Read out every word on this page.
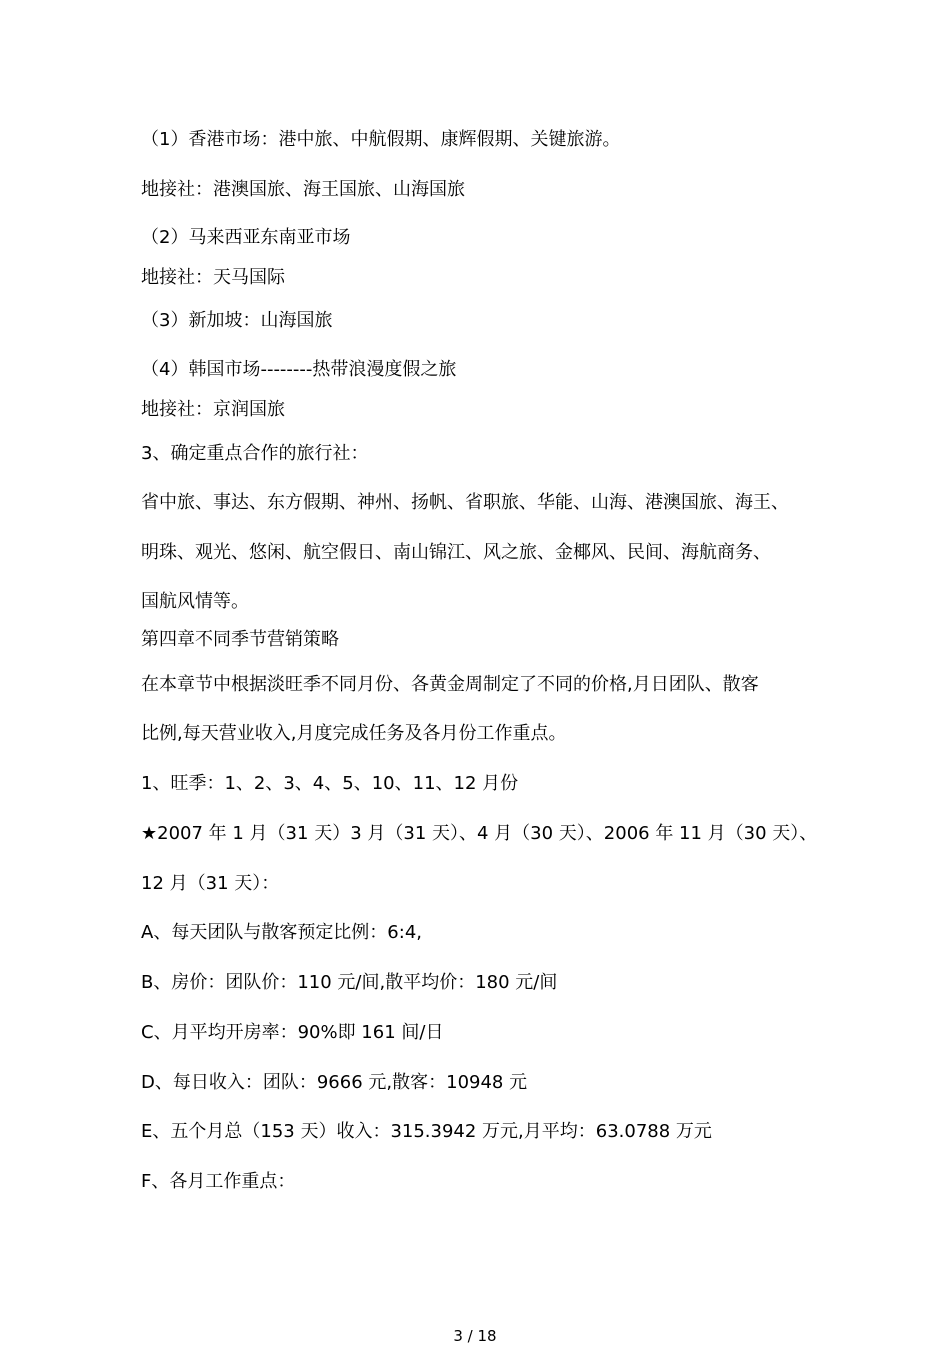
（1）香港市场：港中旅、中航假期、康辉假期、关键旅游。
地接社：港澳国旅、海王国旅、山海国旅
（2）马来西亚东南亚市场
地接社：天马国际
（3）新加坡：山海国旅
（4）韩国市场--------热带浪漫度假之旅
地接社：京润国旅
3、确定重点合作的旅行社：
省中旅、事达、东方假期、神州、扬帆、省职旅、华能、山海、港澳国旅、海王、
明珠、观光、悠闲、航空假日、南山锦江、风之旅、金椰风、民间、海航商务、
国航风情等。
第四章不同季节营销策略
在本章节中根据淡旺季不同月份、各黄金周制定了不同的价格,月日团队、散客
比例,每天营业收入,月度完成任务及各月份工作重点。
1、旺季：1、2、3、4、5、10、11、12 月份
★2007 年 1 月（31 天）3 月（31 天）、4 月（30 天）、2006 年 11 月（30 天）、
12 月（31 天）：
A、每天团队与散客预定比例：6:4,
B、房价：团队价：110 元/间,散平均价：180 元/间
C、月平均开房率：90%即 161 间/日
D、每日收入：团队：9666 元,散客：10948 元
E、五个月总（153 天）收入：315.3942 万元,月平均：63.0788 万元
F、各月工作重点：
3 / 18
